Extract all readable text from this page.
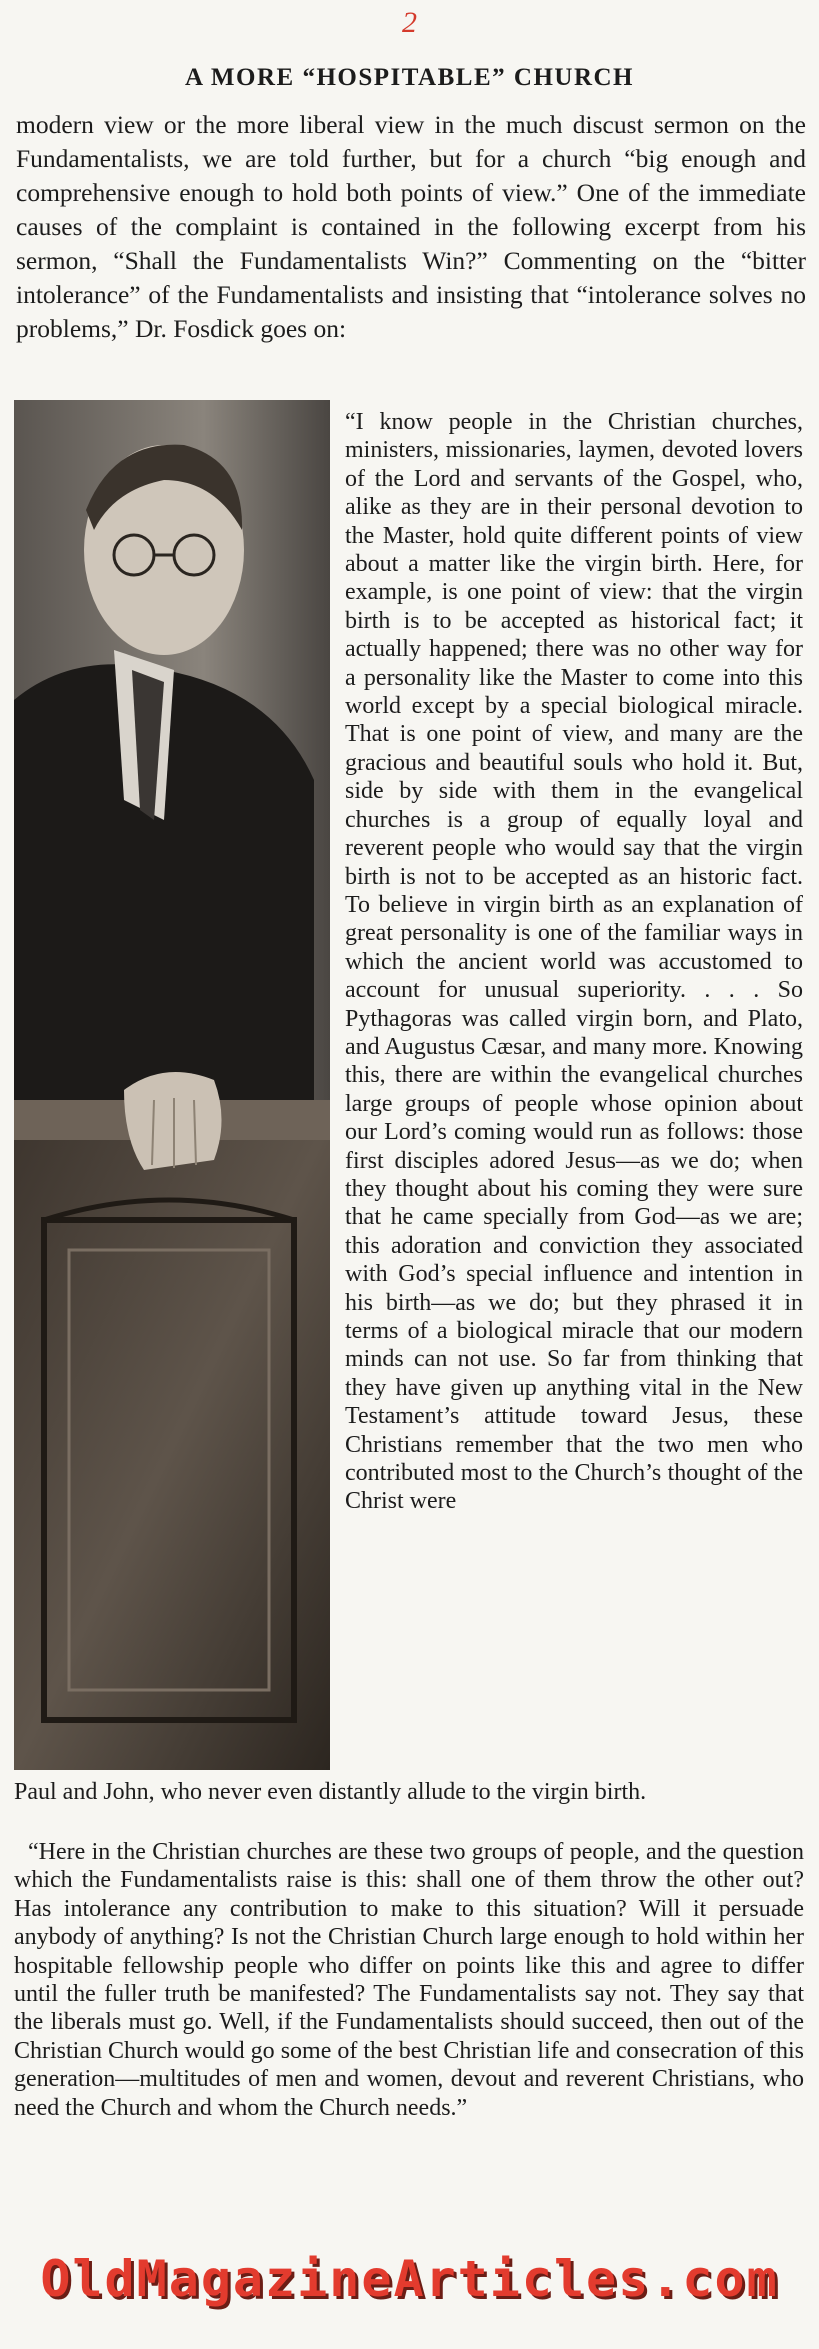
2
A MORE “HOSPITABLE” CHURCH

modern view or the more liberal view in the much discust sermon on the Fundamentalists, we are told further, but for a church “big enough and comprehensive enough to hold both points of view.” One of the immediate causes of the complaint is contained in the following excerpt from his sermon, “Shall the Fundamentalists Win?” Commenting on the “bitter intolerance” of the Fundamentalists and insisting that “intolerance solves no problems,” Dr. Fosdick goes on:

“I know people in the Christian churches, ministers, missionaries, laymen, devoted lovers of the Lord and servants of the Gospel, who, alike as they are in their personal devotion to the Master, hold quite different points of view about a matter like the virgin birth. Here, for example, is one point of view: that the virgin birth is to be accepted as historical fact; it actually happened; there was no other way for a personality like the Master to come into this world except by a special biological miracle. That is one point of view, and many are the gracious and beautiful souls who hold it. But, side by side with them in the evangelical churches is a group of equally loyal and reverent people who would say that the virgin birth is not to be accepted as an historic fact. To believe in virgin birth as an explanation of great personality is one of the familiar ways in which the ancient world was accustomed to account for unusual superiority. . . . So Pythagoras was called virgin born, and Plato, and Augustus Cæsar, and many more. Knowing this, there are within the evangelical churches large groups of people whose opinion about our Lord’s coming would run as follows: those first disciples adored Jesus—as we do; when they thought about his coming they were sure that he came specially from God—as we are; this adoration and conviction they associated with God’s special influence and intention in his birth—as we do; but they phrased it in terms of a biological miracle that our modern minds can not use. So far from thinking that they have given up anything vital in the New Testament’s attitude toward Jesus, these Christians remember that the two men who contributed most to the Church’s thought of the Christ were

Paul and John, who never even distantly allude to the virgin birth.

“Here in the Christian churches are these two groups of people, and the question which the Fundamentalists raise is this: shall one of them throw the other out? Has intolerance any contribution to make to this situation? Will it persuade anybody of anything? Is not the Christian Church large enough to hold within her hospitable fellowship people who differ on points like this and agree to differ until the fuller truth be manifested? The Fundamentalists say not. They say that the liberals must go. Well, if the Fundamentalists should succeed, then out of the Christian Church would go some of the best Christian life and consecration of this generation—multitudes of men and women, devout and reverent Christians, who need the Church and whom the Church needs.”

OldMagazineArticles.com
